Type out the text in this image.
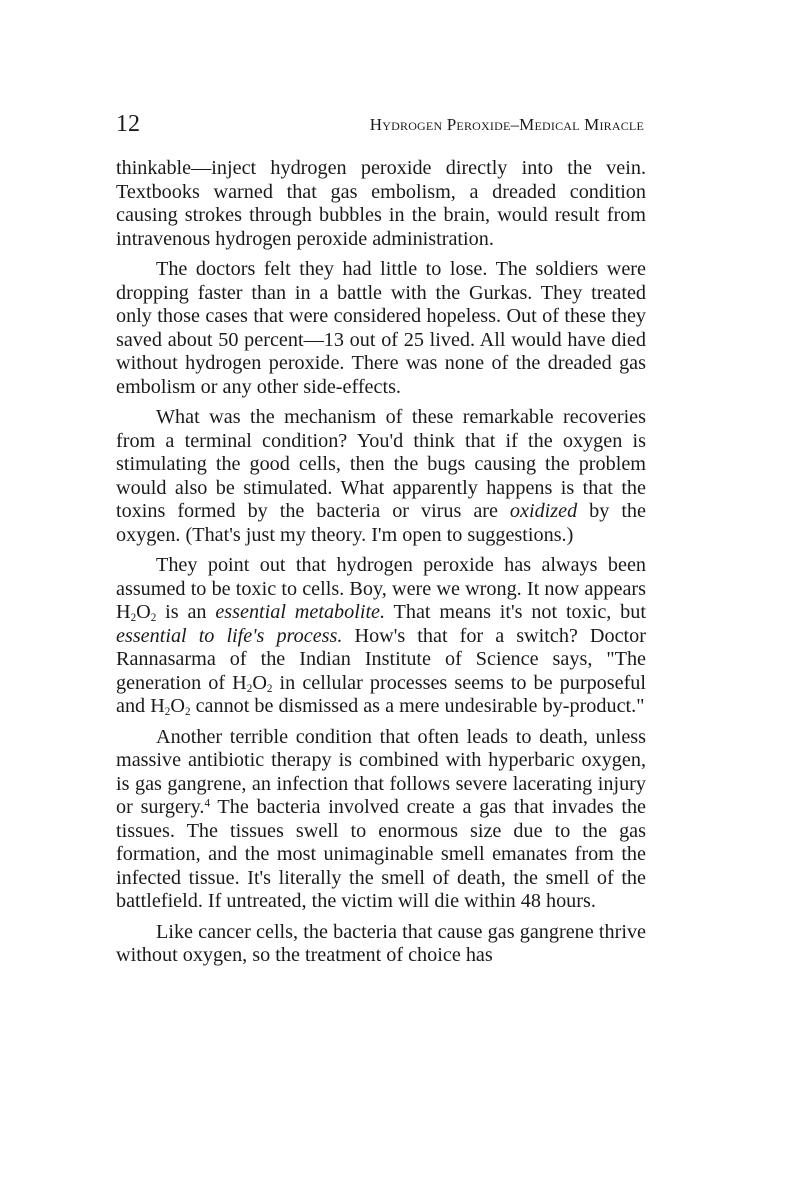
12	Hydrogen Peroxide–Medical Miracle

thinkable—inject hydrogen peroxide directly into the vein. Textbooks warned that gas embolism, a dreaded condition causing strokes through bubbles in the brain, would result from intravenous hydrogen peroxide administration.

The doctors felt they had little to lose. The soldiers were dropping faster than in a battle with the Gurkas. They treated only those cases that were considered hopeless. Out of these they saved about 50 percent—13 out of 25 lived. All would have died without hydrogen peroxide. There was none of the dreaded gas embolism or any other side-effects.

What was the mechanism of these remarkable recoveries from a terminal condition? You'd think that if the oxygen is stimulating the good cells, then the bugs causing the problem would also be stimulated. What apparently happens is that the toxins formed by the bacteria or virus are oxidized by the oxygen. (That's just my theory. I'm open to suggestions.)

They point out that hydrogen peroxide has always been assumed to be toxic to cells. Boy, were we wrong. It now appears $H_2O_2$ is an essential metabolite. That means it's not toxic, but essential to life's process. How's that for a switch? Doctor Rannasarma of the Indian Institute of Science says, "The generation of $H_2O_2$ in cellular processes seems to be purposeful and $H_2O_2$ cannot be dismissed as a mere undesirable by-product."

Another terrible condition that often leads to death, unless massive antibiotic therapy is combined with hyperbaric oxygen, is gas gangrene, an infection that follows severe lacerating injury or surgery.$^4$ The bacteria involved create a gas that invades the tissues. The tissues swell to enormous size due to the gas formation, and the most unimaginable smell emanates from the infected tissue. It's literally the smell of death, the smell of the battlefield. If untreated, the victim will die within 48 hours.

Like cancer cells, the bacteria that cause gas gangrene thrive without oxygen, so the treatment of choice has
